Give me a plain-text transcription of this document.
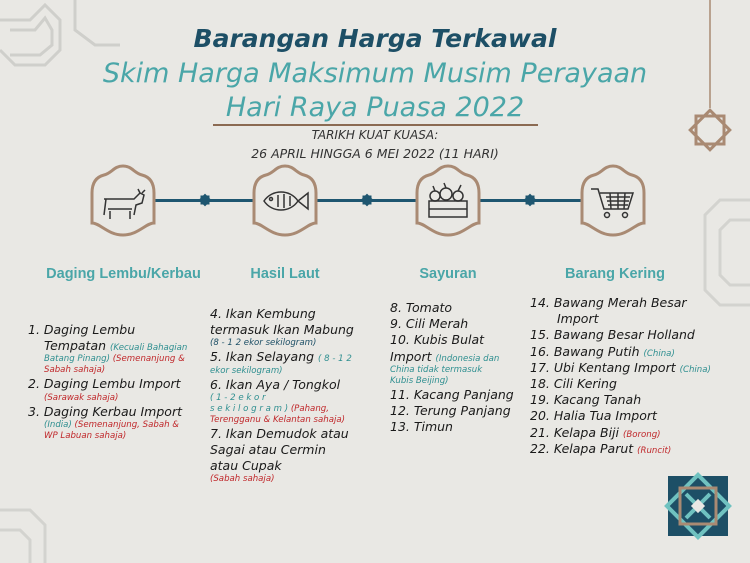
Barangan Harga Terkawal
Skim Harga Maksimum Musim Perayaan
Hari Raya Puasa 2022
TARIKH KUAT KUASA:
26 APRIL HINGGA 6 MEI 2022 (11 HARI)
Daging Lembu/Kerbau	Hasil Laut	Sayuran	Barang Kering

1. Daging Lembu

Tempatan (Kecuali Bahagian

Batang Pinang) (Semenanjung &

Sabah sahaja)

2. Daging Lembu Import

(Sarawak sahaja)

3. Daging Kerbau Import

(India) (Semenanjung, Sabah &

WP Labuan sahaja)

4. Ikan Kembung

termasuk Ikan Mabung

(8 - 1 2 ekor sekilogram)

5. Ikan Selayang ( 8 - 1 2

ekor sekilogram)

6. Ikan Aya / Tongkol

( 1 - 2 e k o r

s e k i l o g r a m ) (Pahang,

Terengganu & Kelantan sahaja)

7. Ikan Demudok atau

Sagai atau Cermin

atau Cupak

(Sabah sahaja)

8. Tomato

9. Cili Merah

10. Kubis Bulat

Import (Indonesia dan

China tidak termasuk

Kubis Beijing)

11. Kacang Panjang

12. Terung Panjang

13. Timun

14. Bawang Merah Besar

Import

15. Bawang Besar Holland

16. Bawang Putih (China)

17. Ubi Kentang Import (China)

18. Cili Kering

19. Kacang Tanah

20. Halia Tua Import

21. Kelapa Biji (Borong)

22. Kelapa Parut (Runcit)
